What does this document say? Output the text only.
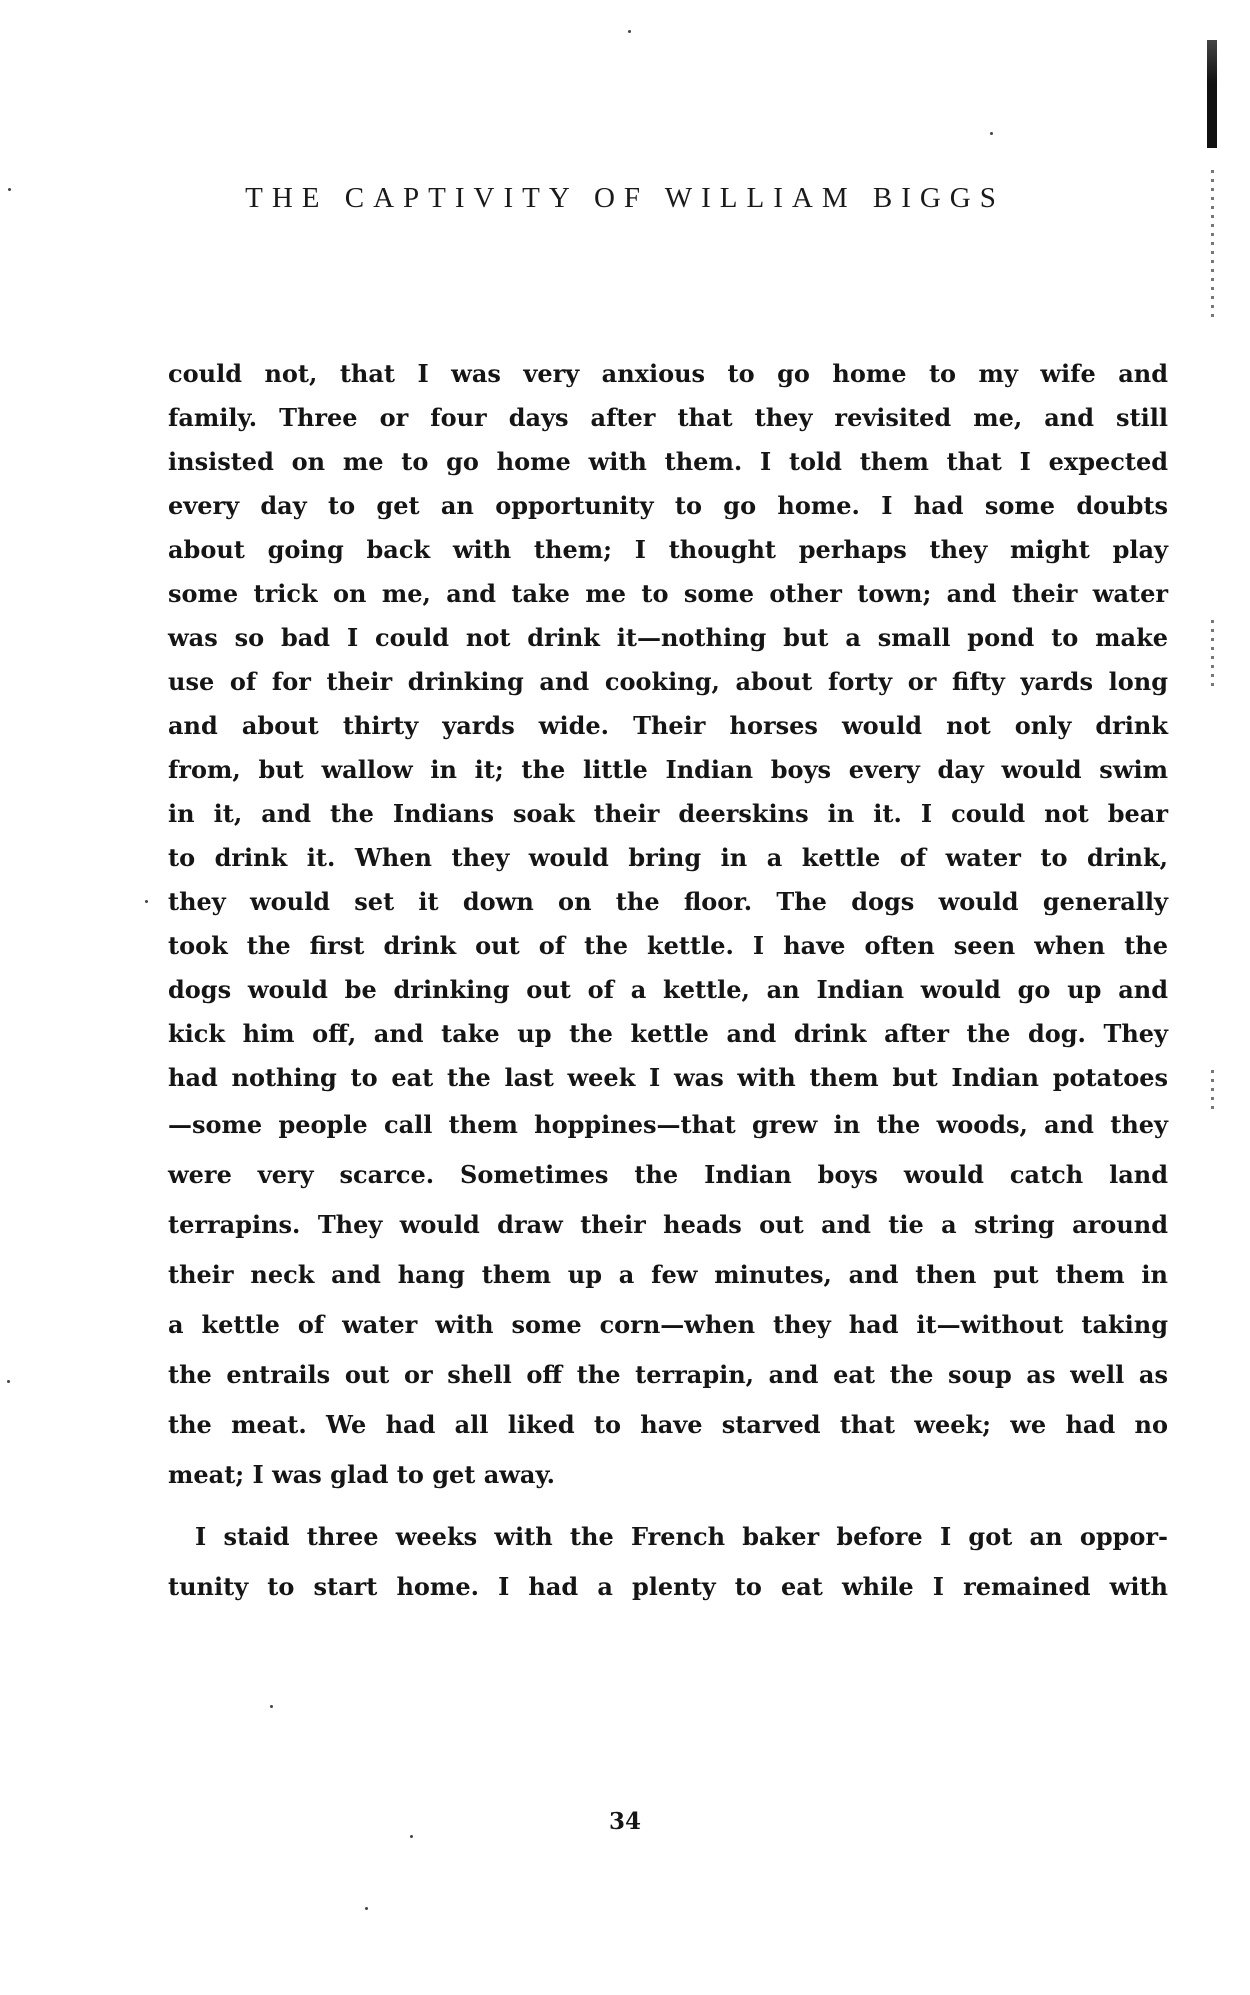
THE CAPTIVITY OF WILLIAM BIGGS
could not, that I was very anxious to go home to my wife and
family. Three or four days after that they revisited me, and still
insisted on me to go home with them. I told them that I expected
every day to get an opportunity to go home. I had some doubts
about going back with them; I thought perhaps they might play
some trick on me, and take me to some other town; and their water
was so bad I could not drink it—nothing but a small pond to make
use of for their drinking and cooking, about forty or fifty yards long
and about thirty yards wide. Their horses would not only drink
from, but wallow in it; the little Indian boys every day would swim
in it, and the Indians soak their deerskins in it. I could not bear
to drink it. When they would bring in a kettle of water to drink,
they would set it down on the floor. The dogs would generally
took the first drink out of the kettle. I have often seen when the
dogs would be drinking out of a kettle, an Indian would go up and
kick him off, and take up the kettle and drink after the dog. They
had nothing to eat the last week I was with them but Indian potatoes
—some people call them hoppines—that grew in the woods, and they
were very scarce. Sometimes the Indian boys would catch land
terrapins. They would draw their heads out and tie a string around
their neck and hang them up a few minutes, and then put them in
a kettle of water with some corn—when they had it—without taking
the entrails out or shell off the terrapin, and eat the soup as well as
the meat. We had all liked to have starved that week; we had no
meat; I was glad to get away.
I staid three weeks with the French baker before I got an oppor-
tunity to start home. I had a plenty to eat while I remained with
34
